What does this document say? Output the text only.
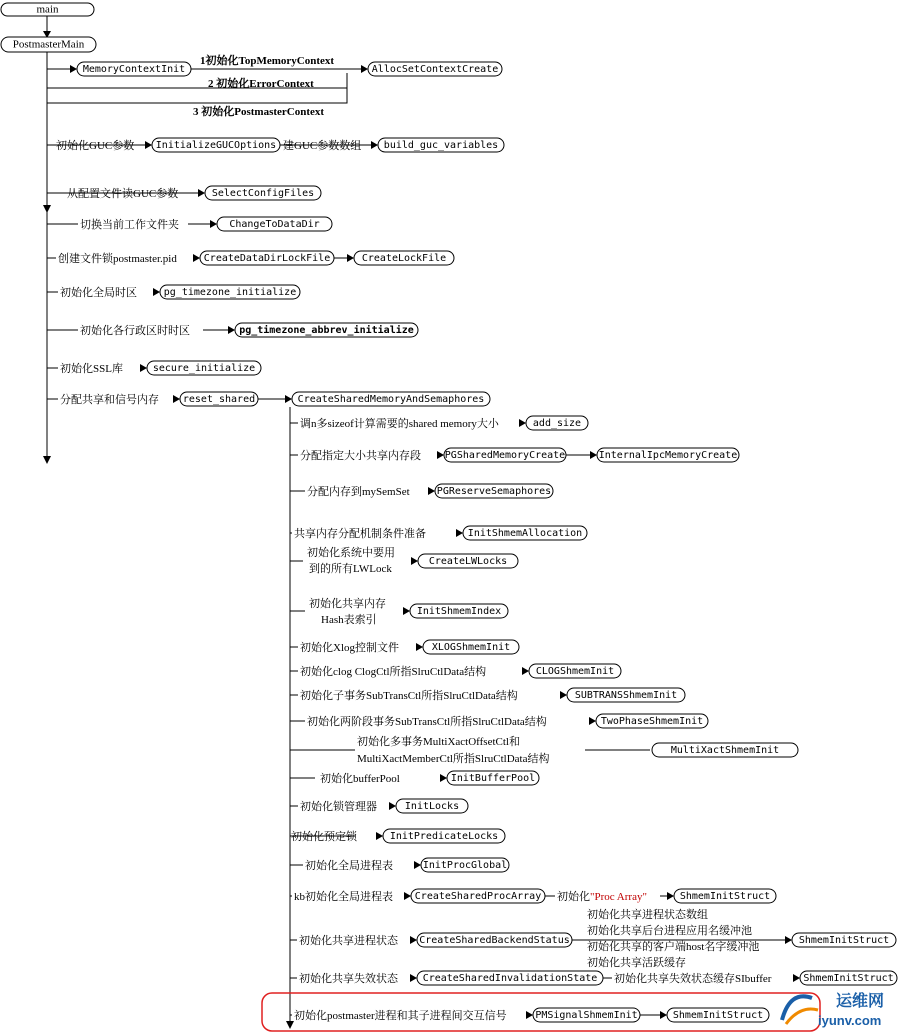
main
PostmasterMain
MemoryContextInit	AllocSetContextCreate
InitializeGUCOptions	build_guc_variables
SelectConfigFiles
ChangeToDataDir
CreateDataDirLockFile	CreateLockFile
pg_timezone_initialize
pg_timezone_abbrev_initialize
secure_initialize
reset_shared	CreateSharedMemoryAndSemaphores
add_size
PGSharedMemoryCreate	InternalIpcMemoryCreate
PGReserveSemaphores
InitShmemAllocation
CreateLWLocks
InitShmemIndex
XLOGShmemInit
CLOGShmemInit
SUBTRANSShmemInit
TwoPhaseShmemInit
MultiXactShmemInit
InitBufferPool
InitLocks
InitPredicateLocks
InitProcGlobal
CreateSharedProcArray	ShmemInitStruct
CreateSharedBackendStatus	ShmemInitStruct
CreateSharedInvalidationState	ShmemInitStruct
PMSignalShmemInit	ShmemInitStruct
1初始化TopMemoryContext
2 初始化ErrorContext
3 初始化PostmasterContext
初始化GUC参数	建GUC参数数组
从配置文件读GUC参数
切换当前工作文件夹
创建文件锁postmaster.pid
初始化全局时区
初始化各行政区时时区
初始化SSL库
分配共享和信号内存
调n多sizeof计算需要的shared memory大小
分配指定大小共享内存段
分配内存到mySemSet
共享内存分配机制条件准备
初始化系统中要用
到的所有LWLock
初始化共享内存
Hash表索引
初始化Xlog控制文件
初始化clog ClogCtl所指SlruCtlData结构
初始化子事务SubTransCtl所指SlruCtlData结构
初始化两阶段事务SubTransCtl所指SlruCtlData结构
初始化多事务MultiXactOffsetCtl和
MultiXactMemberCtl所指SlruCtlData结构
初始化bufferPool
初始化锁管理器
初始化预定锁
初始化全局进程表
kb初始化全局进程表	初始化"Proc Array"
初始化共享进程状态
初始化共享进程状态数组
初始化共享后台进程应用名缓冲池
初始化共享的客户端host名字缓冲池
初始化共享活跃缓存
初始化共享失效状态	初始化共享失效状态缓存SIbuffer
初始化postmaster进程和其子进程间交互信号
运维网
iyunv.com
